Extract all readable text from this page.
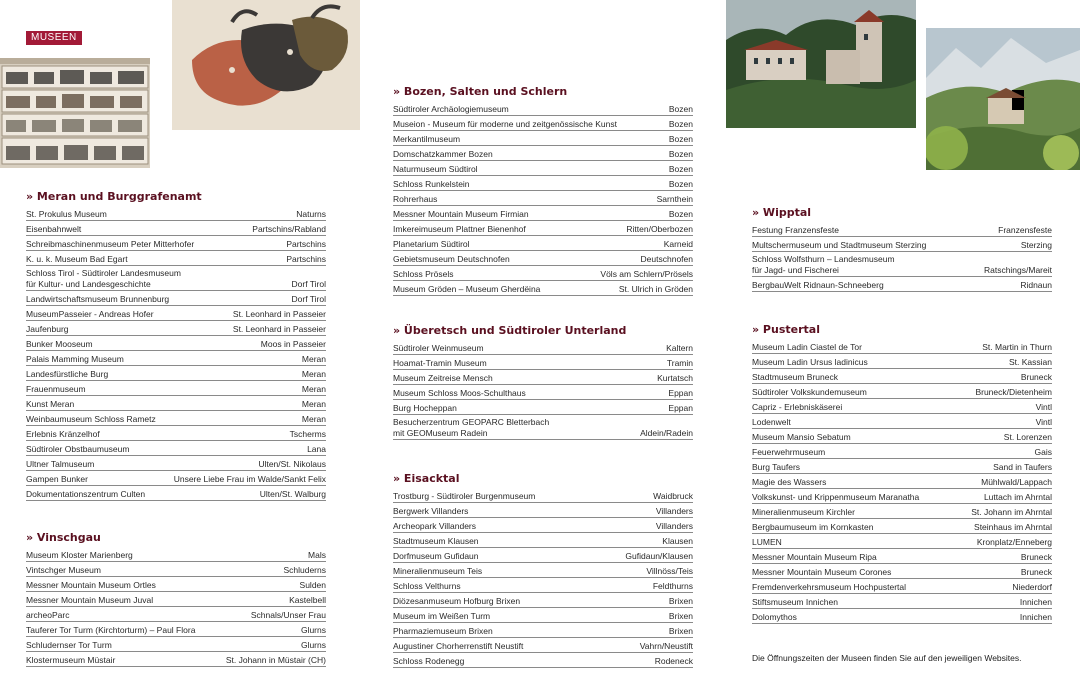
MUSEEN
» Meran und Burggrafenamt
St. Prokulus Museum	Naturns
Eisenbahnwelt	Partschins/Rabland
Schreibmaschinenmuseum Peter Mitterhofer	Partschins
K. u. k. Museum Bad Egart	Partschins
Schloss Tirol - Südtiroler Landesmuseum
für Kultur- und Landesgeschichte	Dorf Tirol
Landwirtschaftsmuseum Brunnenburg	Dorf Tirol
MuseumPasseier - Andreas Hofer	St. Leonhard in Passeier
Jaufenburg	St. Leonhard in Passeier
Bunker Mooseum	Moos in Passeier
Palais Mamming Museum	Meran
Landesfürstliche Burg	Meran
Frauenmuseum	Meran
Kunst Meran	Meran
Weinbaumuseum Schloss Rametz	Meran
Erlebnis Kränzelhof	Tscherms
Südtiroler Obstbaumuseum	Lana
Ultner Talmuseum	Ulten/St. Nikolaus
Gampen Bunker	Unsere Liebe Frau im Walde/Sankt Felix
Dokumentationszentrum Culten	Ulten/St. Walburg
» Vinschgau
Museum Kloster Marienberg	Mals
Vintschger Museum	Schluderns
Messner Mountain Museum Ortles	Sulden
Messner Mountain Museum Juval	Kastelbell
archeoParc	Schnals/Unser Frau
Tauferer Tor Turm (Kirchtorturm) – Paul Flora	Glurns
Schludernser Tor Turm	Glurns
Klostermuseum Müstair	St. Johann in Müstair (CH)
» Bozen, Salten und Schlern
Südtiroler Archäologiemuseum	Bozen
Museion - Museum für moderne und zeitgenössische Kunst	Bozen
Merkantilmuseum	Bozen
Domschatzkammer Bozen	Bozen
Naturmuseum Südtirol	Bozen
Schloss Runkelstein	Bozen
Rohrerhaus	Sarnthein
Messner Mountain Museum Firmian	Bozen
Imkereimuseum Plattner Bienenhof	Ritten/Oberbozen
Planetarium Südtirol	Karneid
Gebietsmuseum Deutschnofen	Deutschnofen
Schloss Prösels	Völs am Schlern/Prösels
Museum Gröden – Museum Gherdëina	St. Ulrich in Gröden
» Überetsch und Südtiroler Unterland
Südtiroler Weinmuseum	Kaltern
Hoamat-Tramin Museum	Tramin
Museum Zeitreise Mensch	Kurtatsch
Museum Schloss Moos-Schulthaus	Eppan
Burg Hocheppan	Eppan
Besucherzentrum GEOPARC Bletterbach
mit GEOMuseum Radein	Aldein/Radein
» Eisacktal
Trostburg - Südtiroler Burgenmuseum	Waidbruck
Bergwerk Villanders	Villanders
Archeopark Villanders	Villanders
Stadtmuseum Klausen	Klausen
Dorfmuseum Gufidaun	Gufidaun/Klausen
Mineralienmuseum Teis	Villnöss/Teis
Schloss Velthurns	Feldthurns
Diözesanmuseum Hofburg Brixen	Brixen
Museum im Weißen Turm	Brixen
Pharmaziemuseum Brixen	Brixen
Augustiner Chorherrenstift Neustift	Vahrn/Neustift
Schloss Rodenegg	Rodeneck
» Wipptal
Festung Franzensfeste	Franzensfeste
Multschermuseum und Stadtmuseum Sterzing	Sterzing
Schloss Wolfsthurn – Landesmuseum
für Jagd- und Fischerei	Ratschings/Mareit
BergbauWelt Ridnaun-Schneeberg	Ridnaun
» Pustertal
Museum Ladin Ciastel de Tor	St. Martin in Thurn
Museum Ladin Ursus ladinicus	St. Kassian
Stadtmuseum Bruneck	Bruneck
Südtiroler Volkskundemuseum	Bruneck/Dietenheim
Capriz - Erlebniskäserei	Vintl
Lodenwelt	Vintl
Museum Mansio Sebatum	St. Lorenzen
Feuerwehrmuseum	Gais
Burg Taufers	Sand in Taufers
Magie des Wassers	Mühlwald/Lappach
Volkskunst- und Krippenmuseum Maranatha	Luttach im Ahrntal
Mineralienmuseum Kirchler	St. Johann im Ahrntal
Bergbaumuseum im Kornkasten	Steinhaus im Ahrntal
LUMEN	Kronplatz/Enneberg
Messner Mountain Museum Ripa	Bruneck
Messner Mountain Museum Corones	Bruneck
Fremdenverkehrsmuseum Hochpustertal	Niederdorf
Stiftsmuseum Innichen	Innichen
Dolomythos	Innichen
Die Öffnungszeiten der Museen finden Sie auf den jeweiligen Websites.
